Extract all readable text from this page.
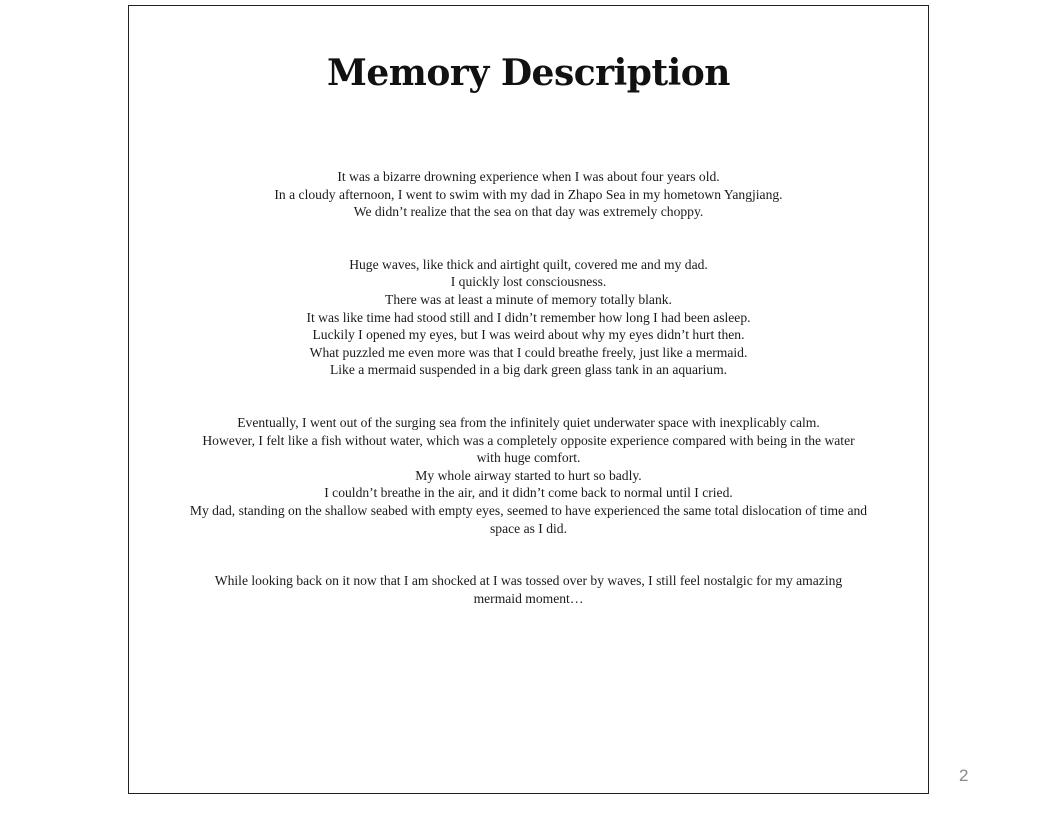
Memory Description

It was a bizarre drowning experience when I was about four years old.
In a cloudy afternoon, I went to swim with my dad in Zhapo Sea in my hometown Yangjiang.
We didn’t realize that the sea on that day was extremely choppy.

Huge waves, like thick and airtight quilt, covered me and my dad.
I quickly lost consciousness.
There was at least a minute of memory totally blank.
It was like time had stood still and I didn’t remember how long I had been asleep.
Luckily I opened my eyes, but I was weird about why my eyes didn’t hurt then.
What puzzled me even more was that I could breathe freely, just like a mermaid.
Like a mermaid suspended in a big dark green glass tank in an aquarium.

Eventually, I went out of the surging sea from the infinitely quiet underwater space with inexplicably calm.
However, I felt like a fish without water, which was a completely opposite experience compared with being in the water with huge comfort.
My whole airway started to hurt so badly.
I couldn’t breathe in the air, and it didn’t come back to normal until I cried.
My dad, standing on the shallow seabed with empty eyes, seemed to have experienced the same total dislocation of time and space as I did.

While looking back on it now that I am shocked at I was tossed over by waves, I still feel nostalgic for my amazing mermaid moment…

2
